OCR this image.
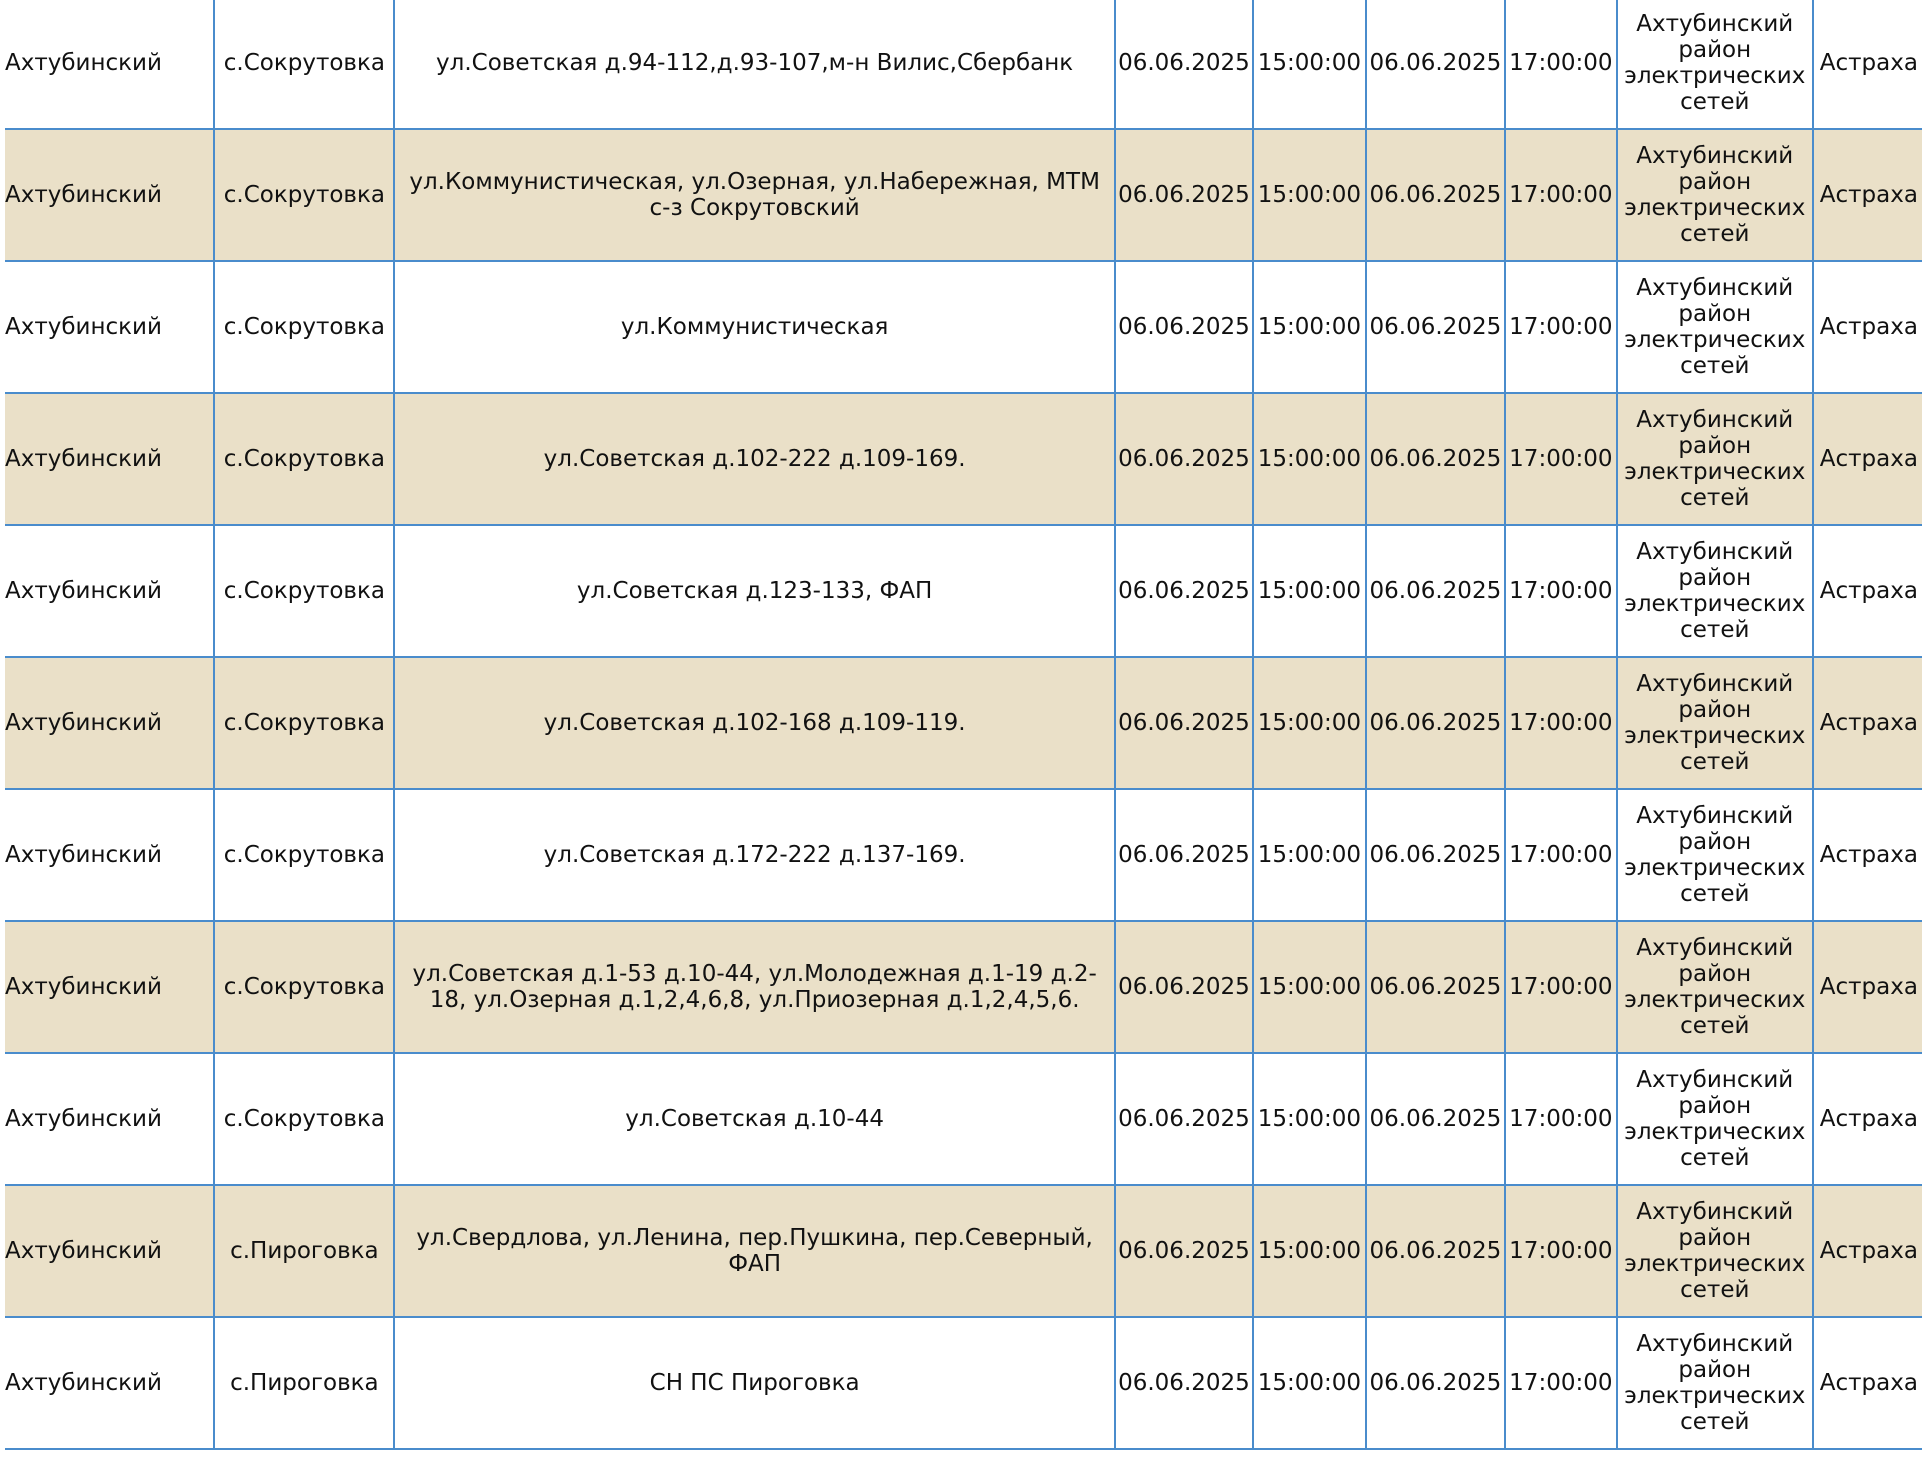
Ахтубинский	с.Сокрутовка	ул.Советская д.94-112,д.93-107,м-н Вилис,Сбербанк	06.06.2025	15:00:00	06.06.2025	17:00:00	Ахтубинский район электрических сетей	Астраха
Ахтубинский	с.Сокрутовка	ул.Коммунистическая, ул.Озерная, ул.Набережная, МТМ с-з Сокрутовский	06.06.2025	15:00:00	06.06.2025	17:00:00	Ахтубинский район электрических сетей	Астраха
Ахтубинский	с.Сокрутовка	ул.Коммунистическая	06.06.2025	15:00:00	06.06.2025	17:00:00	Ахтубинский район электрических сетей	Астраха
Ахтубинский	с.Сокрутовка	ул.Советская д.102-222 д.109-169.	06.06.2025	15:00:00	06.06.2025	17:00:00	Ахтубинский район электрических сетей	Астраха
Ахтубинский	с.Сокрутовка	ул.Советская д.123-133, ФАП	06.06.2025	15:00:00	06.06.2025	17:00:00	Ахтубинский район электрических сетей	Астраха
Ахтубинский	с.Сокрутовка	ул.Советская д.102-168 д.109-119.	06.06.2025	15:00:00	06.06.2025	17:00:00	Ахтубинский район электрических сетей	Астраха
Ахтубинский	с.Сокрутовка	ул.Советская д.172-222 д.137-169.	06.06.2025	15:00:00	06.06.2025	17:00:00	Ахтубинский район электрических сетей	Астраха
Ахтубинский	с.Сокрутовка	ул.Советская д.1-53 д.10-44, ул.Молодежная д.1-19 д.2-18, ул.Озерная д.1,2,4,6,8, ул.Приозерная д.1,2,4,5,6.	06.06.2025	15:00:00	06.06.2025	17:00:00	Ахтубинский район электрических сетей	Астраха
Ахтубинский	с.Сокрутовка	ул.Советская д.10-44	06.06.2025	15:00:00	06.06.2025	17:00:00	Ахтубинский район электрических сетей	Астраха
Ахтубинский	с.Пироговка	ул.Свердлова, ул.Ленина, пер.Пушкина, пер.Северный, ФАП	06.06.2025	15:00:00	06.06.2025	17:00:00	Ахтубинский район электрических сетей	Астраха
Ахтубинский	с.Пироговка	СН ПС Пироговка	06.06.2025	15:00:00	06.06.2025	17:00:00	Ахтубинский район электрических сетей	Астраха
